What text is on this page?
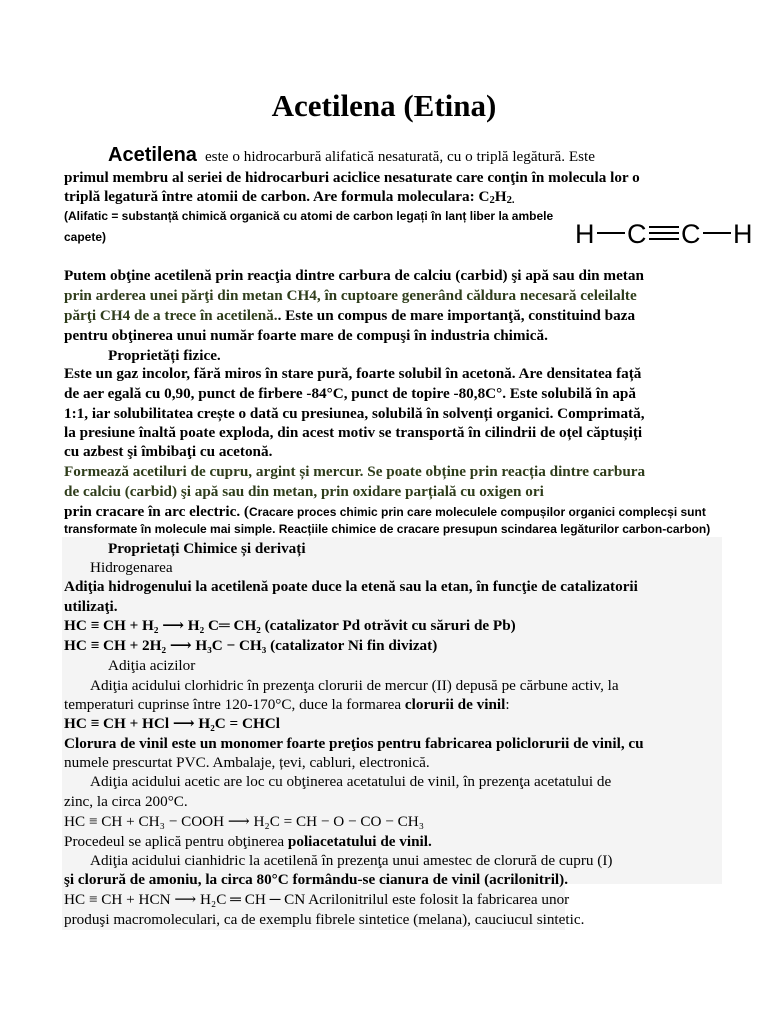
Acetilena (Etina)
H C C H
Acetilena este o hidrocarbură alifatică nesaturată, cu o triplă legătură. Este
primul membru al seriei de hidrocarburi aciclice nesaturate care conţin în molecula lor o
triplă legatură între atomii de carbon. Are formula moleculara: $C_2H_{2.}$
(Alifatic = substanță chimică organică cu atomi de carbon legați în lanț liber la ambele
capete)
Putem obţine acetilenă prin reacţia dintre carbura de calciu (carbid) şi apă sau din metan
prin arderea unei părţi din metan CH4, în cuptoare generând căldura necesară celeilalte
părţi CH4 de a trece în acetilenă.. Este un compus de mare importanţă, constituind baza
pentru obţinerea unui număr foarte mare de compuşi în industria chimică.
Proprietăți fizice.
Este un gaz incolor, fără miros în stare pură, foarte solubil în acetonă. Are densitatea față
de aer egală cu 0,90, punct de firbere -84°C, punct de topire -80,8C°. Este solubilă în apă
1:1, iar solubilitatea crește o dată cu presiunea, solubilă în solvenți organici. Comprimată,
la presiune înaltă poate exploda, din acest motiv se transportă în cilindrii de oțel căptușiți
cu azbest şi îmbibaţi cu acetonă.
Formează acetiluri de cupru, argint și mercur. Se poate obține prin reacția dintre carbura
de calciu (carbid) şi apă sau din metan, prin oxidare parțială cu oxigen ori
prin cracare în arc electric. (Cracare proces chimic prin care moleculele compușilor organici complecși sunt
transformate în molecule mai simple. Reacțiile chimice de cracare presupun scindarea legăturilor carbon-carbon)
Proprietați Chimice și derivați
Hidrogenarea
Adiţia hidrogenului la acetilenă poate duce la etenă sau la etan, în funcţie de catalizatorii
utilizaţi.
HC ≡ CH + H₂ ⟶ H₂ C═ CH₂ (catalizator Pd otrăvit cu săruri de Pb)
HC ≡ CH + 2H₂ ⟶ H₃C − CH₃ (catalizator Ni fin divizat)
Adiţia acizilor
Adiţia acidului clorhidric în prezenţa clorurii de mercur (II) depusă pe cărbune activ, la
temperaturi cuprinse între 120-170°C, duce la formarea clorurii de vinil:
HC ≡ CH + HCl ⟶ H₂C = CHCl
Clorura de vinil este un monomer foarte preţios pentru fabricarea policlorurii de vinil, cu
numele prescurtat PVC. Ambalaje, țevi, cabluri, electronică.
Adiţia acidului acetic are loc cu obţinerea acetatului de vinil, în prezenţa acetatului de
zinc, la circa 200°C.
HC ≡ CH + CH₃ − COOH ⟶ H₂C = CH − O − CO − CH₃
Procedeul se aplică pentru obţinerea poliacetatului de vinil.
Adiţia acidului cianhidric la acetilenă în prezenţa unui amestec de clorură de cupru (I)
şi clorură de amoniu, la circa 80°C formându-se cianura de vinil (acrilonitril).
HC ≡ CH + HCN ⟶ H₂C ═ CH ─ CN Acrilonitrilul este folosit la fabricarea unor
produşi macromoleculari, ca de exemplu fibrele sintetice (melana), cauciucul sintetic.
